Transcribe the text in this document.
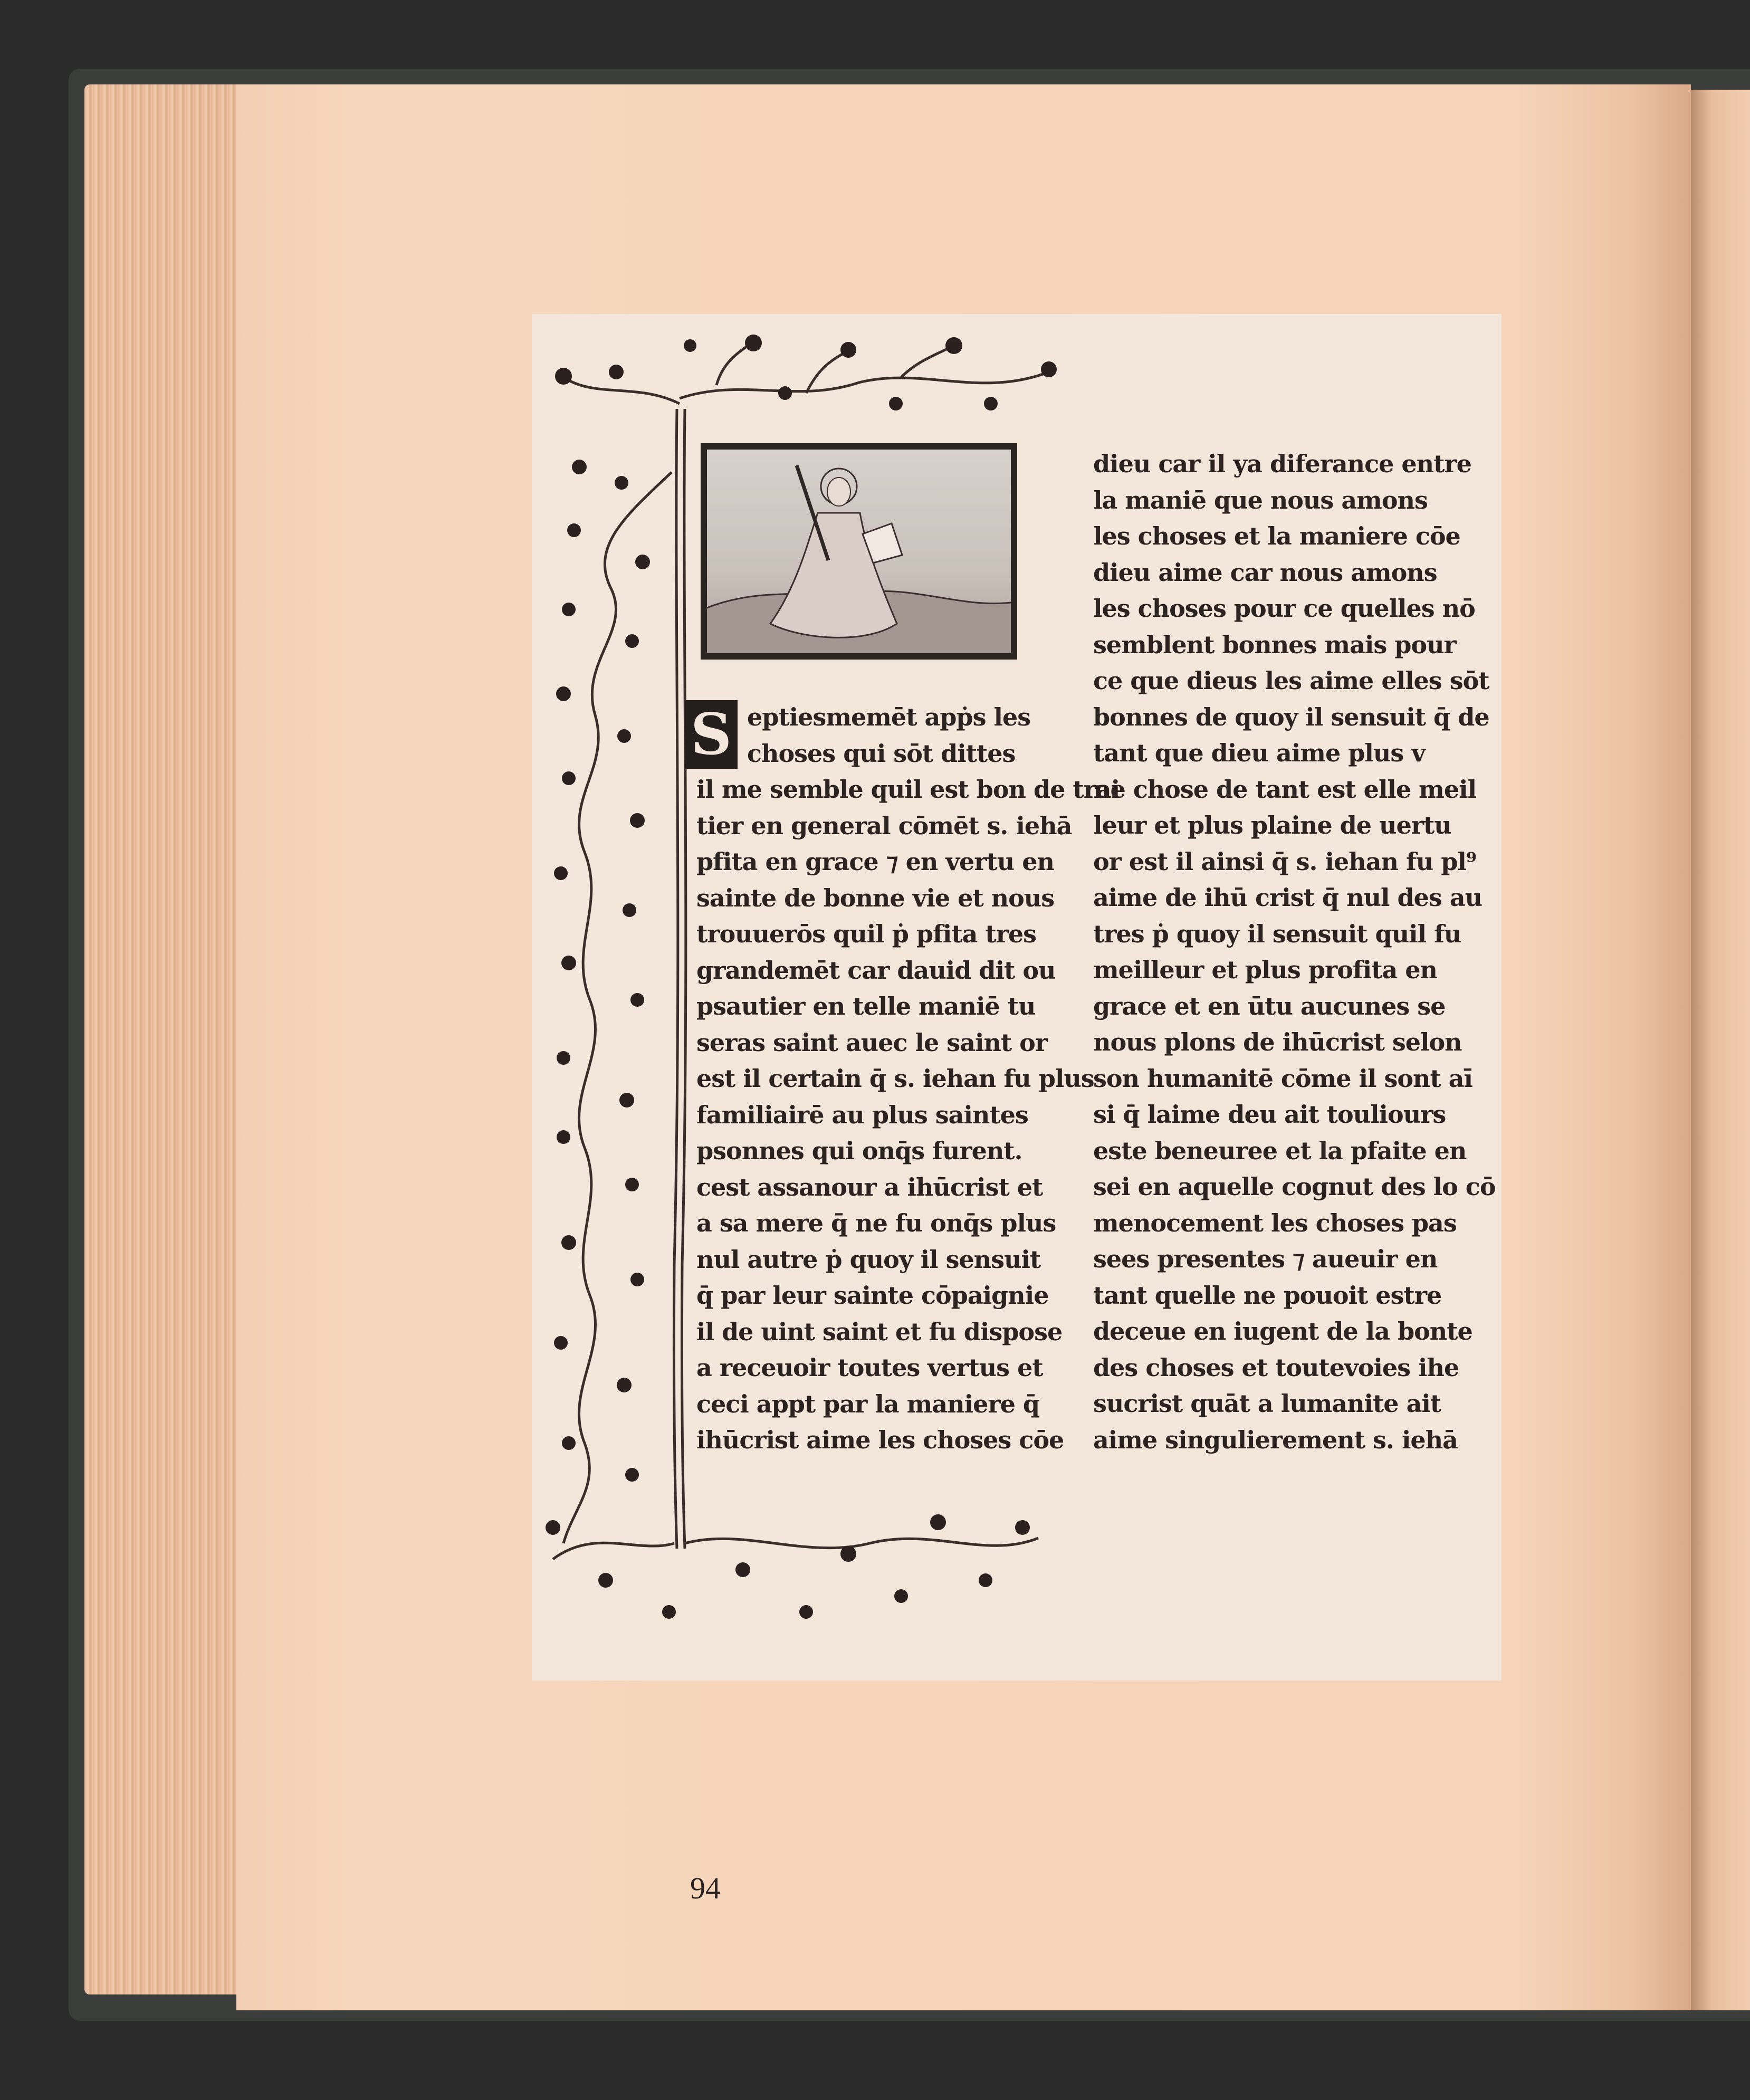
94
S eptiesmemēt apṗs les
choses qui sōt dittes
il me semble quil est bon de trai
tier en general cōmēt s. iehā
pfita en grace ⁊ en vertu en
sainte de bonne vie et nous
trouuerōs quil ṗ pfita tres
grandemēt car dauid dit ou
psautier en telle maniē tu
seras saint auec le saint or
est il certain q̄ s. iehan fu plus
familiairē au plus saintes
psonnes qui onq̄s furent.
cest assanour a ihūcrist et
a sa mere q̄ ne fu onq̄s plus
nul autre ṗ quoy il sensuit
q̄ par leur sainte cōpaignie
il de uint saint et fu dispose
a receuoir toutes vertus et
ceci appt par la maniere q̄
ihūcrist aime les choses cōe
dieu car il ya diferance entre
la maniē que nous amons
les choses et la maniere cōe
dieu aime car nous amons
les choses pour ce quelles nō
semblent bonnes mais pour
ce que dieus les aime elles sōt
bonnes de quoy il sensuit q̄ de
tant que dieu aime plus v
ne chose de tant est elle meil
leur et plus plaine de uertu
or est il ainsi q̄ s. iehan fu pl⁹
aime de ihū crist q̄ nul des au
tres ṗ quoy il sensuit quil fu
meilleur et plus profita en
grace et en ūtu aucunes se
nous plons de ihūcrist selon
son humanitē cōme il sont aī
si q̄ laime deu ait touliours
este beneuree et la pfaite en
sei en aquelle cognut des lo cō
menocement les choses pas
sees presentes ⁊ aueuir en
tant quelle ne pouoit estre
deceue en iugent de la bonte
des choses et toutevoies ihe
sucrist quāt a lumanite ait
aime singulierement s. iehā
